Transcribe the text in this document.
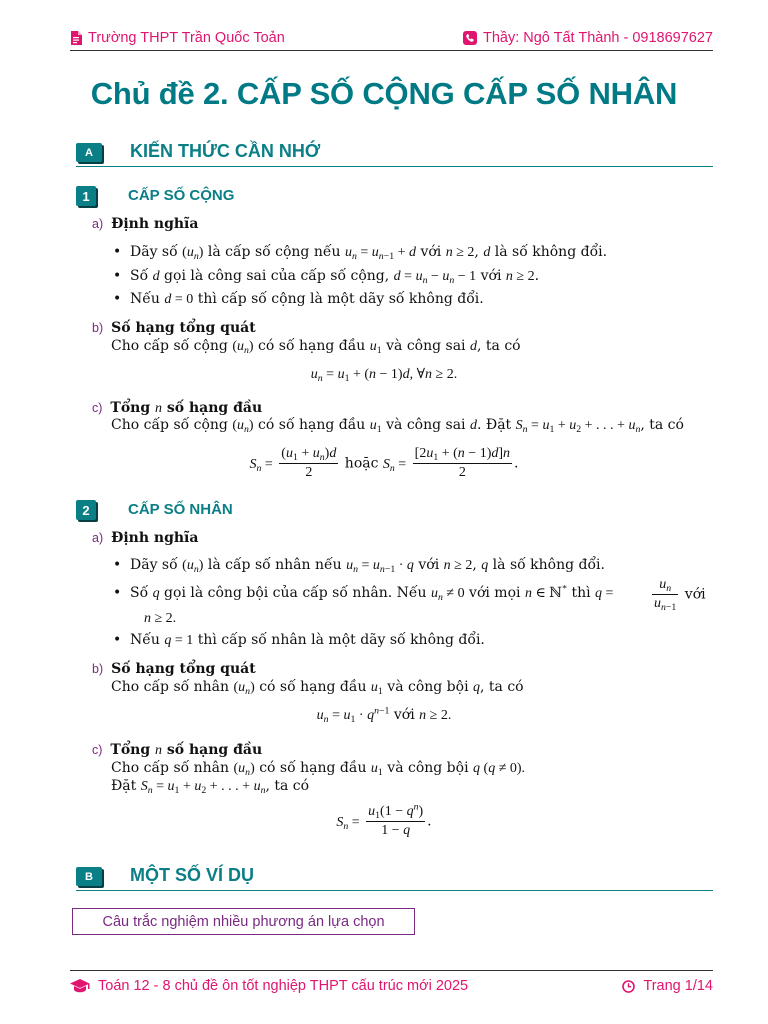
Trường THPT Trần Quốc Toản	Thầy: Ngô Tất Thành - 0918697627
Chủ đề 2. CẤP SỐ CỘNG CẤP SỐ NHÂN
A	KIẾN THỨC CẦN NHỚ
1	CẤP SỐ CỘNG
a) Định nghĩa
• Dãy số $(u_n)$ là cấp số cộng nếu $u_n = u_{n-1} + d$ với n ≥ 2, d là số không đổi.
• Số d gọi là công sai của cấp số cộng, $d = u_n - u_n - 1$ với n ≥ 2.
• Nếu d = 0 thì cấp số cộng là một dãy số không đổi.
b) Số hạng tổng quát
Cho cấp số cộng $(u_n)$ có số hạng đầu $u_1$ và công sai d, ta có
$u_n = u_1 + (n - 1)d$, ∀n ≥ 2.
c) Tổng n số hạng đầu
Cho cấp số cộng $(u_n)$ có số hạng đầu $u_1$ và công sai d. Đặt $S_n = u_1 + u_2$ + . . . + $u_n$, ta có
$S_n = \frac{(u_1 + u_n)d}{2}$ hoặc $S_n = \frac{[2u_1 + (n - 1)d]n}{2}$ .
2	CẤP SỐ NHÂN
a) Định nghĩa
• Dãy số $(u_n)$ là cấp số nhân nếu $u_n = u_{n-1} \cdot q$ với n ≥ 2, q là số không đổi.
• Số q gọi là công bội của cấp số nhân. Nếu $u_n \ne 0$ với mọi n ∈ ℕ* thì q =	$\frac{u_n}{u_{n-1}}$ với
n ≥ 2.
• Nếu q = 1 thì cấp số nhân là một dãy số không đổi.
b) Số hạng tổng quát
Cho cấp số nhân $(u_n)$ có số hạng đầu $u_1$ và công bội q, ta có
$u_n = u_1 \cdot q^{n-1}$ với n ≥ 2.
c) Tổng n số hạng đầu
Cho cấp số nhân $(u_n)$ có số hạng đầu $u_1$ và công bội q (q ≠ 0).
Đặt $S_n = u_1 + u_2$ + . . . + $u_n$, ta có
$S_n = \frac{u_1(1 - q^n)}{1 - q}$ .
B	MỘT SỐ VÍ DỤ
Câu trắc nghiệm nhiều phương án lựa chọn
Toán 12 - 8 chủ đề ôn tốt nghiệp THPT cấu trúc mới 2025	Trang 1/14
